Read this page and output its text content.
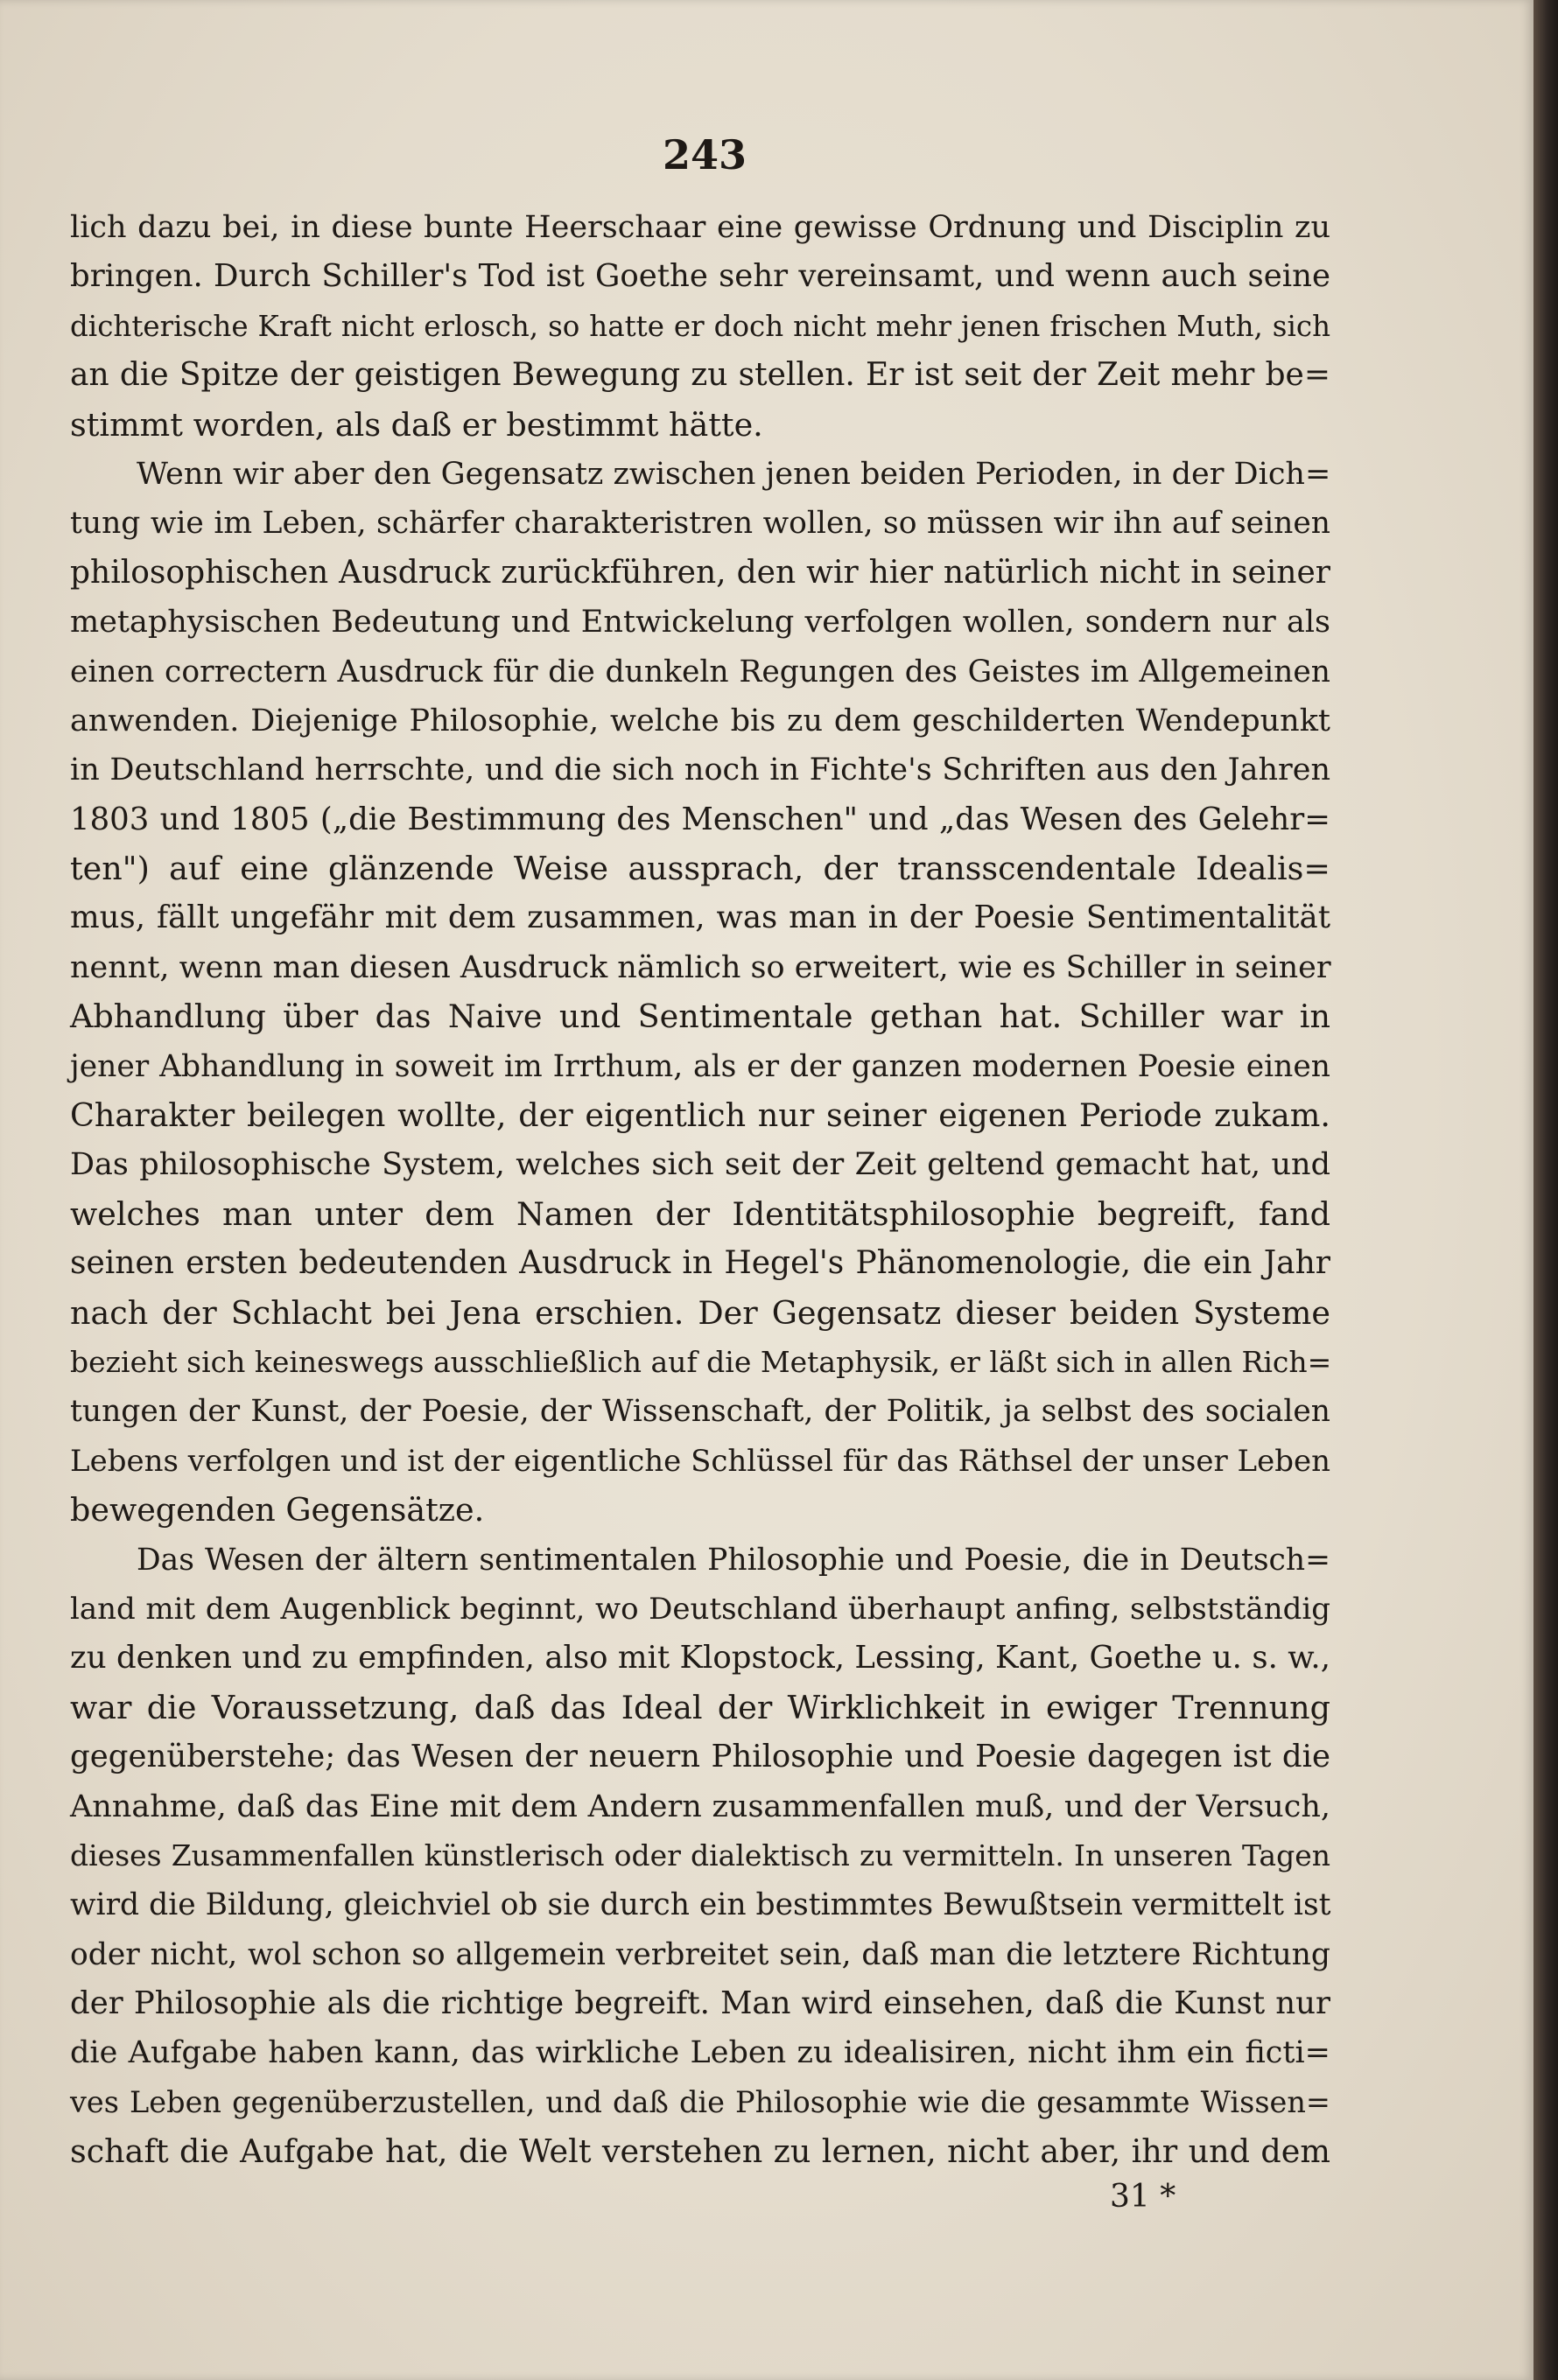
243
lich dazu bei, in diese bunte Heerschaar eine gewisse Ordnung und Disciplin zu
bringen. Durch Schiller's Tod ist Goethe sehr vereinsamt, und wenn auch seine
dichterische Kraft nicht erlosch, so hatte er doch nicht mehr jenen frischen Muth, sich
an die Spitze der geistigen Bewegung zu stellen. Er ist seit der Zeit mehr be=
stimmt worden, als daß er bestimmt hätte.
Wenn wir aber den Gegensatz zwischen jenen beiden Perioden, in der Dich=
tung wie im Leben, schärfer charakteristren wollen, so müssen wir ihn auf seinen
philosophischen Ausdruck zurückführen, den wir hier natürlich nicht in seiner
metaphysischen Bedeutung und Entwickelung verfolgen wollen, sondern nur als
einen correctern Ausdruck für die dunkeln Regungen des Geistes im Allgemeinen
anwenden. Diejenige Philosophie, welche bis zu dem geschilderten Wendepunkt
in Deutschland herrschte, und die sich noch in Fichte's Schriften aus den Jahren
1803 und 1805 („die Bestimmung des Menschen" und „das Wesen des Gelehr=
ten") auf eine glänzende Weise aussprach, der transscendentale Idealis=
mus, fällt ungefähr mit dem zusammen, was man in der Poesie Sentimentalität
nennt, wenn man diesen Ausdruck nämlich so erweitert, wie es Schiller in seiner
Abhandlung über das Naive und Sentimentale gethan hat. Schiller war in
jener Abhandlung in soweit im Irrthum, als er der ganzen modernen Poesie einen
Charakter beilegen wollte, der eigentlich nur seiner eigenen Periode zukam.
Das philosophische System, welches sich seit der Zeit geltend gemacht hat, und
welches man unter dem Namen der Identitätsphilosophie begreift, fand
seinen ersten bedeutenden Ausdruck in Hegel's Phänomenologie, die ein Jahr
nach der Schlacht bei Jena erschien. Der Gegensatz dieser beiden Systeme
bezieht sich keineswegs ausschließlich auf die Metaphysik, er läßt sich in allen Rich=
tungen der Kunst, der Poesie, der Wissenschaft, der Politik, ja selbst des socialen
Lebens verfolgen und ist der eigentliche Schlüssel für das Räthsel der unser Leben
bewegenden Gegensätze.
Das Wesen der ältern sentimentalen Philosophie und Poesie, die in Deutsch=
land mit dem Augenblick beginnt, wo Deutschland überhaupt anfing, selbstständig
zu denken und zu empfinden, also mit Klopstock, Lessing, Kant, Goethe u. s. w.,
war die Voraussetzung, daß das Ideal der Wirklichkeit in ewiger Trennung
gegenüberstehe; das Wesen der neuern Philosophie und Poesie dagegen ist die
Annahme, daß das Eine mit dem Andern zusammenfallen muß, und der Versuch,
dieses Zusammenfallen künstlerisch oder dialektisch zu vermitteln. In unseren Tagen
wird die Bildung, gleichviel ob sie durch ein bestimmtes Bewußtsein vermittelt ist
oder nicht, wol schon so allgemein verbreitet sein, daß man die letztere Richtung
der Philosophie als die richtige begreift. Man wird einsehen, daß die Kunst nur
die Aufgabe haben kann, das wirkliche Leben zu idealisiren, nicht ihm ein ficti=
ves Leben gegenüberzustellen, und daß die Philosophie wie die gesammte Wissen=
schaft die Aufgabe hat, die Welt verstehen zu lernen, nicht aber, ihr und dem
31 *
